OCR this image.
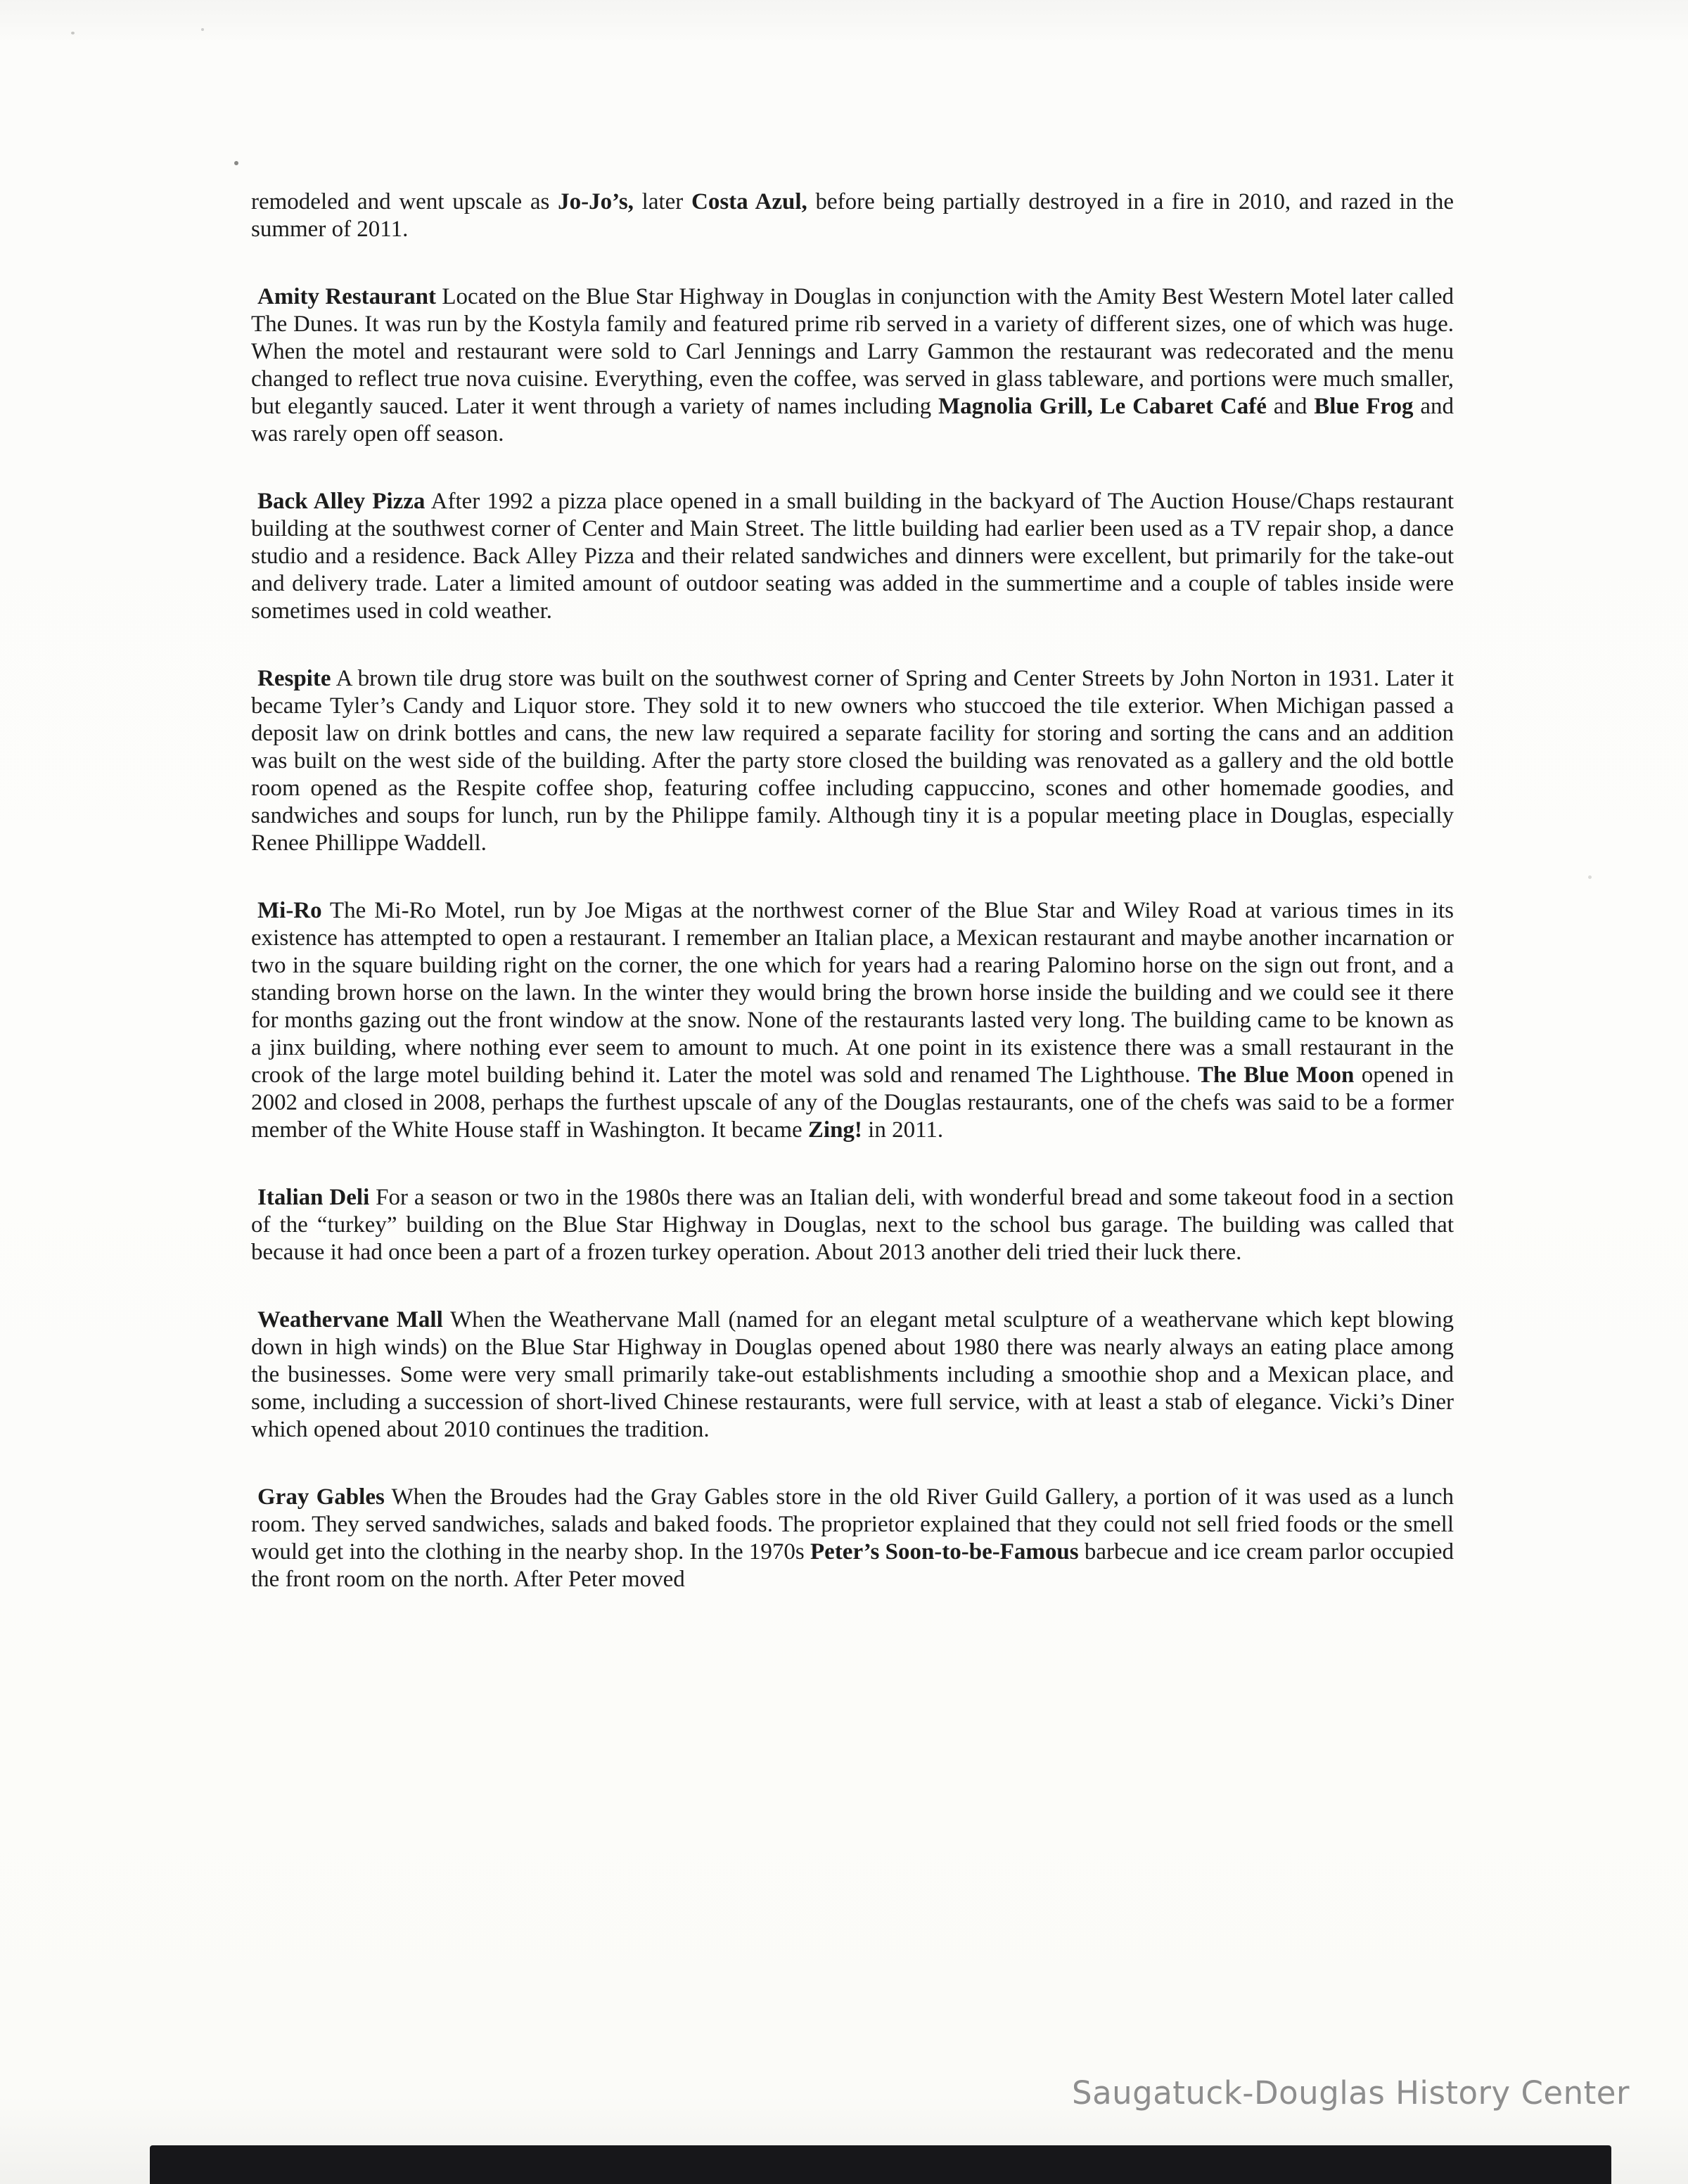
remodeled and went upscale as Jo-Jo’s, later Costa Azul, before being partially destroyed in a fire in 2010, and razed in the summer of 2011.

Amity Restaurant Located on the Blue Star Highway in Douglas in conjunction with the Amity Best Western Motel later called The Dunes. It was run by the Kostyla family and featured prime rib served in a variety of different sizes, one of which was huge. When the motel and restaurant were sold to Carl Jennings and Larry Gammon the restaurant was redecorated and the menu changed to reflect true nova cuisine. Everything, even the coffee, was served in glass tableware, and portions were much smaller, but elegantly sauced. Later it went through a variety of names including Magnolia Grill, Le Cabaret Café and Blue Frog and was rarely open off season.

Back Alley Pizza After 1992 a pizza place opened in a small building in the backyard of The Auction House/Chaps restaurant building at the southwest corner of Center and Main Street. The little building had earlier been used as a TV repair shop, a dance studio and a residence. Back Alley Pizza and their related sandwiches and dinners were excellent, but primarily for the take-out and delivery trade. Later a limited amount of outdoor seating was added in the summertime and a couple of tables inside were sometimes used in cold weather.

Respite A brown tile drug store was built on the southwest corner of Spring and Center Streets by John Norton in 1931. Later it became Tyler’s Candy and Liquor store. They sold it to new owners who stuccoed the tile exterior. When Michigan passed a deposit law on drink bottles and cans, the new law required a separate facility for storing and sorting the cans and an addition was built on the west side of the building. After the party store closed the building was renovated as a gallery and the old bottle room opened as the Respite coffee shop, featuring coffee including cappuccino, scones and other homemade goodies, and sandwiches and soups for lunch, run by the Philippe family. Although tiny it is a popular meeting place in Douglas, especially Renee Phillippe Waddell.

Mi-Ro The Mi-Ro Motel, run by Joe Migas at the northwest corner of the Blue Star and Wiley Road at various times in its existence has attempted to open a restaurant. I remember an Italian place, a Mexican restaurant and maybe another incarnation or two in the square building right on the corner, the one which for years had a rearing Palomino horse on the sign out front, and a standing brown horse on the lawn. In the winter they would bring the brown horse inside the building and we could see it there for months gazing out the front window at the snow. None of the restaurants lasted very long. The building came to be known as a jinx building, where nothing ever seem to amount to much. At one point in its existence there was a small restaurant in the crook of the large motel building behind it. Later the motel was sold and renamed The Lighthouse. The Blue Moon opened in 2002 and closed in 2008, perhaps the furthest upscale of any of the Douglas restaurants, one of the chefs was said to be a former member of the White House staff in Washington. It became Zing! in 2011.

Italian Deli For a season or two in the 1980s there was an Italian deli, with wonderful bread and some takeout food in a section of the “turkey” building on the Blue Star Highway in Douglas, next to the school bus garage. The building was called that because it had once been a part of a frozen turkey operation. About 2013 another deli tried their luck there.

Weathervane Mall When the Weathervane Mall (named for an elegant metal sculpture of a weathervane which kept blowing down in high winds) on the Blue Star Highway in Douglas opened about 1980 there was nearly always an eating place among the businesses. Some were very small primarily take-out establishments including a smoothie shop and a Mexican place, and some, including a succession of short-lived Chinese restaurants, were full service, with at least a stab of elegance. Vicki’s Diner which opened about 2010 continues the tradition.

Gray Gables When the Broudes had the Gray Gables store in the old River Guild Gallery, a portion of it was used as a lunch room. They served sandwiches, salads and baked foods. The proprietor explained that they could not sell fried foods or the smell would get into the clothing in the nearby shop. In the 1970s Peter’s Soon-to-be-Famous barbecue and ice cream parlor occupied the front room on the north. After Peter moved

Saugatuck-Douglas History Center
